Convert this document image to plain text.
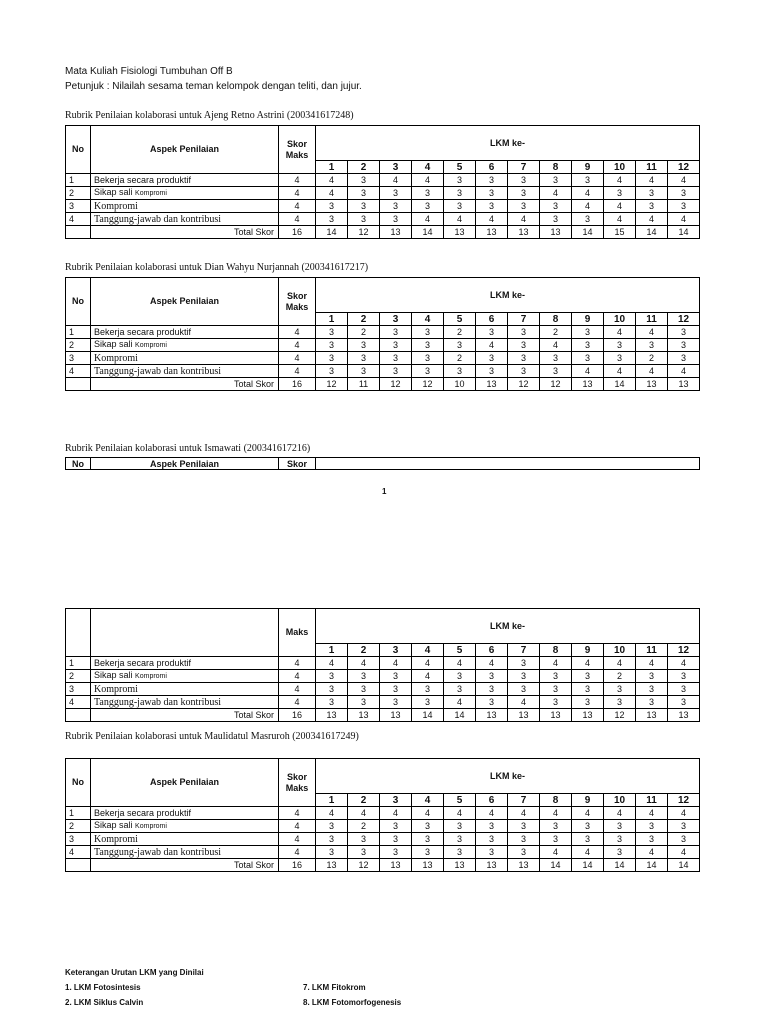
Mata Kuliah Fisiologi Tumbuhan Off B
Petunjuk : Nilailah sesama teman kelompok dengan teliti, dan jujur.
Rubrik Penilaian kolaborasi untuk Ajeng Retno Astrini (200341617248)
No	Aspek Penilaian	Skor
Maks	LKM ke-											
			1	2	3	4	5	6	7	8	9	10	11	12
1	Bekerja secara produktif	4	4	3	4	4	3	3	3	3	3	4	4	4
2	Sikap sali Kompromi	4	4	3	3	3	3	3	3	4	4	3	3	3
3	Kompromi	4	3	3	3	3	3	3	3	3	4	4	3	3
4	Tanggung-jawab dan kontribusi	4	3	3	3	4	4	4	4	3	3	4	4	4
	Total Skor	16	14	12	13	14	13	13	13	13	14	15	14	14
Rubrik Penilaian kolaborasi untuk Dian Wahyu Nurjannah (200341617217)
No	Aspek Penilaian	Skor
Maks	LKM ke-											
			1	2	3	4	5	6	7	8	9	10	11	12
1	Bekerja secara produktif	4	3	2	3	3	2	3	3	2	3	4	4	3
2	Sikap sali Kompromi	4	3	3	3	3	3	4	3	4	3	3	3	3
3	Kompromi	4	3	3	3	3	2	3	3	3	3	3	2	3
4	Tanggung-jawab dan kontribusi	4	3	3	3	3	3	3	3	3	4	4	4	4
	Total Skor	16	12	11	12	12	10	13	12	12	13	14	13	13
Rubrik Penilaian kolaborasi untuk Ismawati (200341617216)
No	Aspek Penilaian	Skor	
1
		Maks	LKM ke-											
			1	2	3	4	5	6	7	8	9	10	11	12
1	Bekerja secara produktif	4	4	4	4	4	4	4	3	4	4	4	4	4
2	Sikap sali Kompromi	4	3	3	3	4	3	3	3	3	3	2	3	3
3	Kompromi	4	3	3	3	3	3	3	3	3	3	3	3	3
4	Tanggung-jawab dan kontribusi	4	3	3	3	3	4	3	4	3	3	3	3	3
	Total Skor	16	13	13	13	14	14	13	13	13	13	12	13	13
Rubrik Penilaian kolaborasi untuk Maulidatul Masruroh (200341617249)
No	Aspek Penilaian	Skor
Maks	LKM ke-											
			1	2	3	4	5	6	7	8	9	10	11	12
1	Bekerja secara produktif	4	4	4	4	4	4	4	4	4	4	4	4	4
2	Sikap sali Kompromi	4	3	2	3	3	3	3	3	3	3	3	3	3
3	Kompromi	4	3	3	3	3	3	3	3	3	3	3	3	3
4	Tanggung-jawab dan kontribusi	4	3	3	3	3	3	3	3	4	4	3	4	4
	Total Skor	16	13	12	13	13	13	13	13	14	14	14	14	14
Keterangan Urutan LKM yang Dinilai
1. LKM Fotosintesis
2. LKM Siklus Calvin
7. LKM Fitokrom
8. LKM Fotomorfogenesis
